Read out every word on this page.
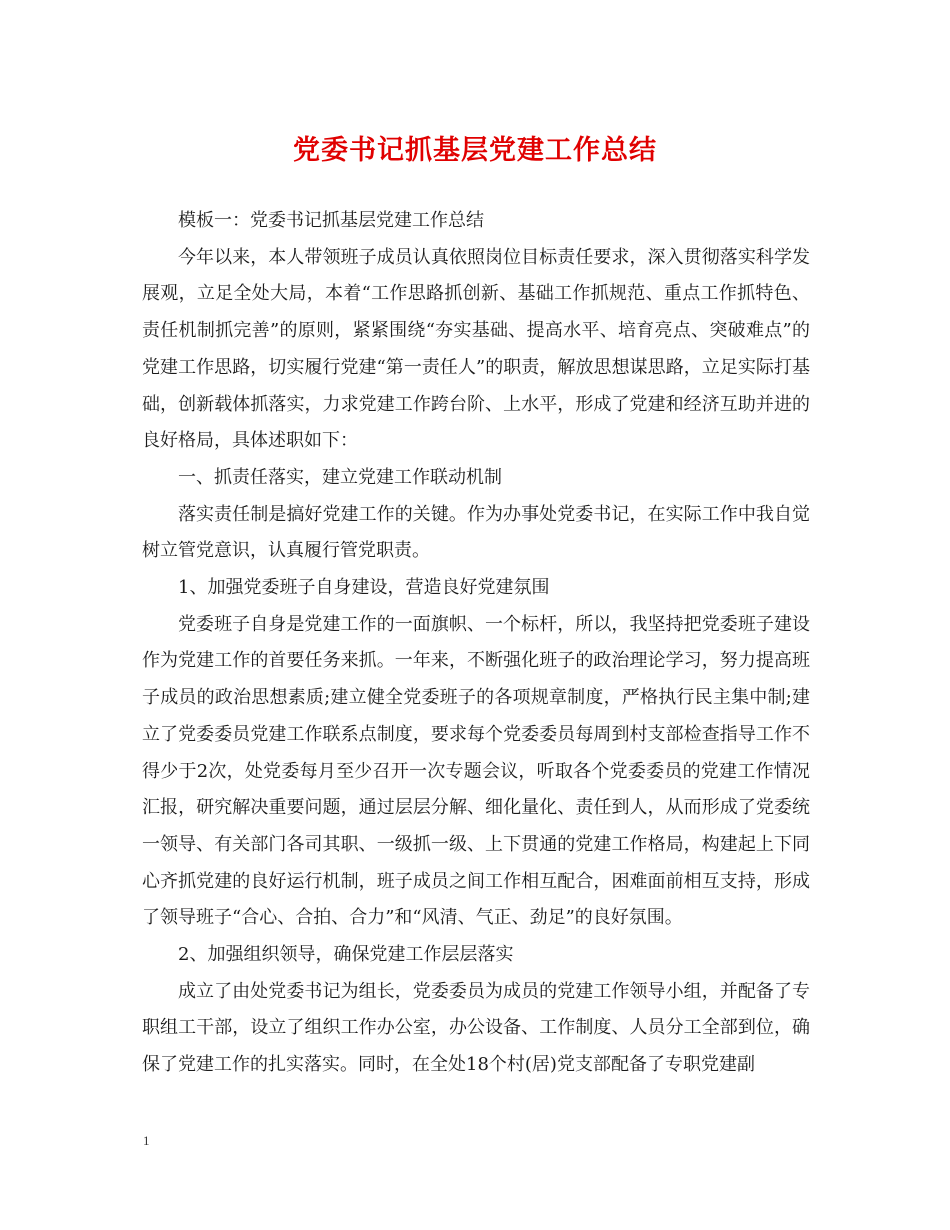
党委书记抓基层党建工作总结

模板一：党委书记抓基层党建工作总结

今年以来，本人带领班子成员认真依照岗位目标责任要求，深入贯彻落实科学发展观，立足全处大局，本着“工作思路抓创新、基础工作抓规范、重点工作抓特色、责任机制抓完善”的原则，紧紧围绕“夯实基础、提高水平、培育亮点、突破难点”的党建工作思路，切实履行党建“第一责任人”的职责，解放思想谋思路，立足实际打基础，创新载体抓落实，力求党建工作跨台阶、上水平，形成了党建和经济互助并进的良好格局，具体述职如下：

一、抓责任落实，建立党建工作联动机制

落实责任制是搞好党建工作的关键。作为办事处党委书记，在实际工作中我自觉树立管党意识，认真履行管党职责。

1、加强党委班子自身建设，营造良好党建氛围

党委班子自身是党建工作的一面旗帜、一个标杆，所以，我坚持把党委班子建设作为党建工作的首要任务来抓。一年来，不断强化班子的政治理论学习，努力提高班子成员的政治思想素质;建立健全党委班子的各项规章制度，严格执行民主集中制;建立了党委委员党建工作联系点制度，要求每个党委委员每周到村支部检查指导工作不得少于2次，处党委每月至少召开一次专题会议，听取各个党委委员的党建工作情况汇报，研究解决重要问题，通过层层分解、细化量化、责任到人，从而形成了党委统一领导、有关部门各司其职、一级抓一级、上下贯通的党建工作格局，构建起上下同心齐抓党建的良好运行机制，班子成员之间工作相互配合，困难面前相互支持，形成了领导班子“合心、合拍、合力”和“风清、气正、劲足”的良好氛围。

2、加强组织领导，确保党建工作层层落实

成立了由处党委书记为组长，党委委员为成员的党建工作领导小组，并配备了专职组工干部，设立了组织工作办公室，办公设备、工作制度、人员分工全部到位，确保了党建工作的扎实落实。同时，在全处18个村(居)党支部配备了专职党建副

1
